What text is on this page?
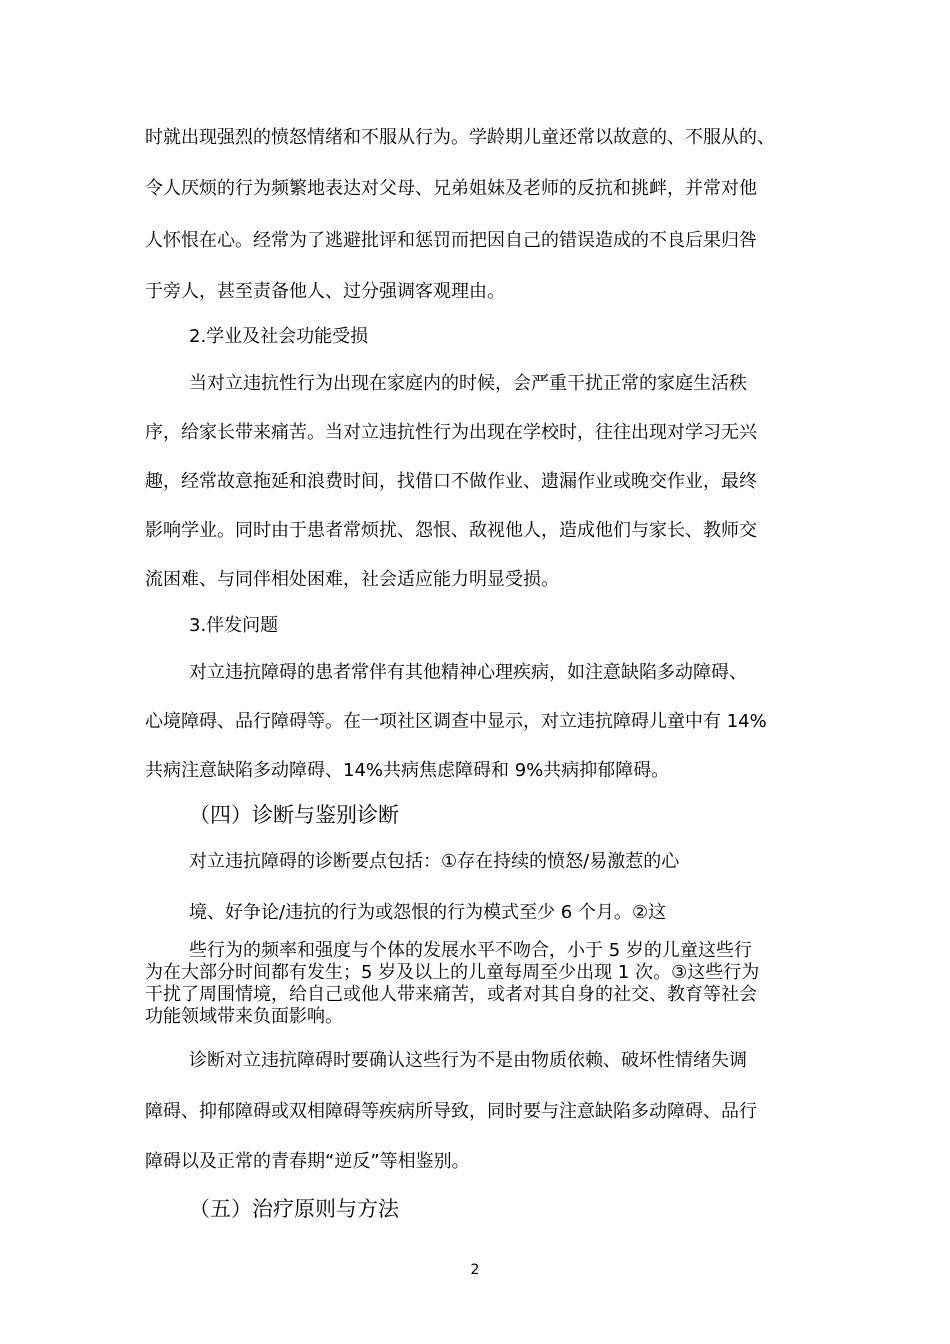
时就出现强烈的愤怒情绪和不服从行为。学龄期儿童还常以故意的、不服从的、

令人厌烦的行为频繁地表达对父母、兄弟姐妹及老师的反抗和挑衅，并常对他

人怀恨在心。经常为了逃避批评和惩罚而把因自己的错误造成的不良后果归咎

于旁人，甚至责备他人、过分强调客观理由。

2.学业及社会功能受损

当对立违抗性行为出现在家庭内的时候，会严重干扰正常的家庭生活秩

序，给家长带来痛苦。当对立违抗性行为出现在学校时，往往出现对学习无兴

趣，经常故意拖延和浪费时间，找借口不做作业、遗漏作业或晚交作业，最终

影响学业。同时由于患者常烦扰、怨恨、敌视他人，造成他们与家长、教师交

流困难、与同伴相处困难，社会适应能力明显受损。

3.伴发问题

对立违抗障碍的患者常伴有其他精神心理疾病，如注意缺陷多动障碍、

心境障碍、品行障碍等。在一项社区调查中显示，对立违抗障碍儿童中有 14%

共病注意缺陷多动障碍、14%共病焦虑障碍和 9%共病抑郁障碍。

（四）诊断与鉴别诊断

对立违抗障碍的诊断要点包括：①存在持续的愤怒/易激惹的心

境、好争论/违抗的行为或怨恨的行为模式至少 6 个月。②这

些行为的频率和强度与个体的发展水平不吻合，小于 5 岁的儿童这些行
为在大部分时间都有发生；5 岁及以上的儿童每周至少出现 1 次。③这些行为
干扰了周围情境，给自己或他人带来痛苦，或者对其自身的社交、教育等社会
功能领域带来负面影响。

诊断对立违抗障碍时要确认这些行为不是由物质依赖、破坏性情绪失调

障碍、抑郁障碍或双相障碍等疾病所导致，同时要与注意缺陷多动障碍、品行

障碍以及正常的青春期“逆反”等相鉴别。

（五）治疗原则与方法
2
